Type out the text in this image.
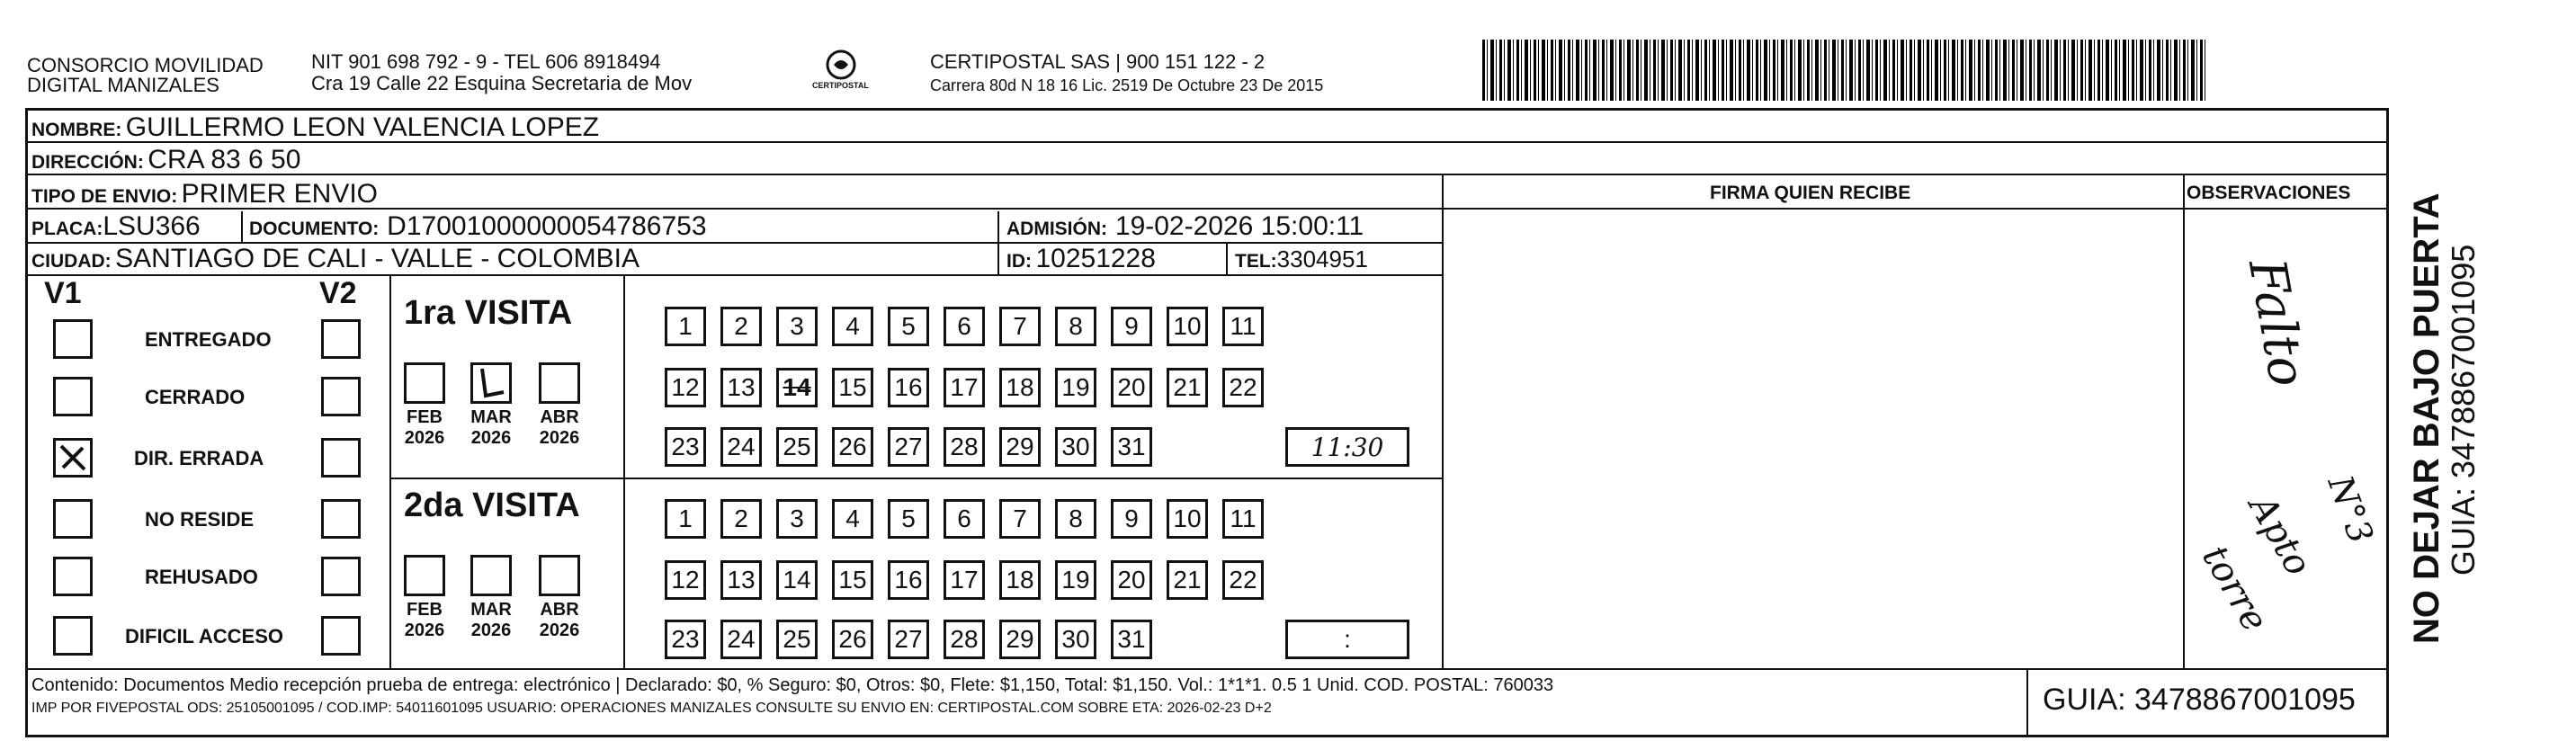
CONSORCIO MOVILIDAD
DIGITAL MANIZALES
NIT 901 698 792 - 9 - TEL 606 8918494
Cra 19 Calle 22 Esquina Secretaria de Mov	CERTIPOSTAL
CERTIPOSTAL SAS | 900 151 122 - 2
Carrera 80d N 18 16 Lic. 2519 De Octubre 23 De 2015
NOMBRE: GUILLERMO LEON VALENCIA LOPEZ
DIRECCIÓN: CRA 83 6 50
TIPO DE ENVIO: PRIMER ENVIO	FIRMA QUIEN RECIBE	OBSERVACIONES
PLACA:LSU366	DOCUMENTO: D17001000000054786753	ADMISIÓN: 19-02-2026 15:00:11
CIUDAD: SANTIAGO DE CALI - VALLE - COLOMBIA	ID: 10251228	TEL:3304951
V1	V2
ENTREGADO
CERRADO
DIR. ERRADA
NO RESIDE
REHUSADO
DIFICIL ACCESO
1ra VISITA
2da VISITA
FEB
2026
MAR
2026
ABR
2026
FEB
2026
MAR
2026
ABR
2026
1	2	3	4	5	6	7	8	9	10	11
12 13 14 15 16 17 18 19 20 21 22
23 24 25 26 27 28 29 30 31
1	2	3	4	5	6	7	8	9	10	11
12 13 14 15 16 17 18 19 20 21 22
23 24 25 26 27 28 29 30 31
11:30
:
Falto
N°3
Apto
torre
Contenido: Documentos Medio recepción prueba de entrega: electrónico | Declarado: $0, % Seguro: $0, Otros: $0, Flete: $1,150, Total: $1,150. Vol.: 1*1*1. 0.5 1 Unid. COD. POSTAL: 760033
IMP POR FIVEPOSTAL ODS: 25105001095 / COD.IMP: 54011601095 USUARIO: OPERACIONES MANIZALES CONSULTE SU ENVIO EN: CERTIPOSTAL.COM SOBRE ETA: 2026-02-23 D+2	GUIA: 3478867001095
NO DEJAR BAJO PUERTA
GUIA: 3478867001095
